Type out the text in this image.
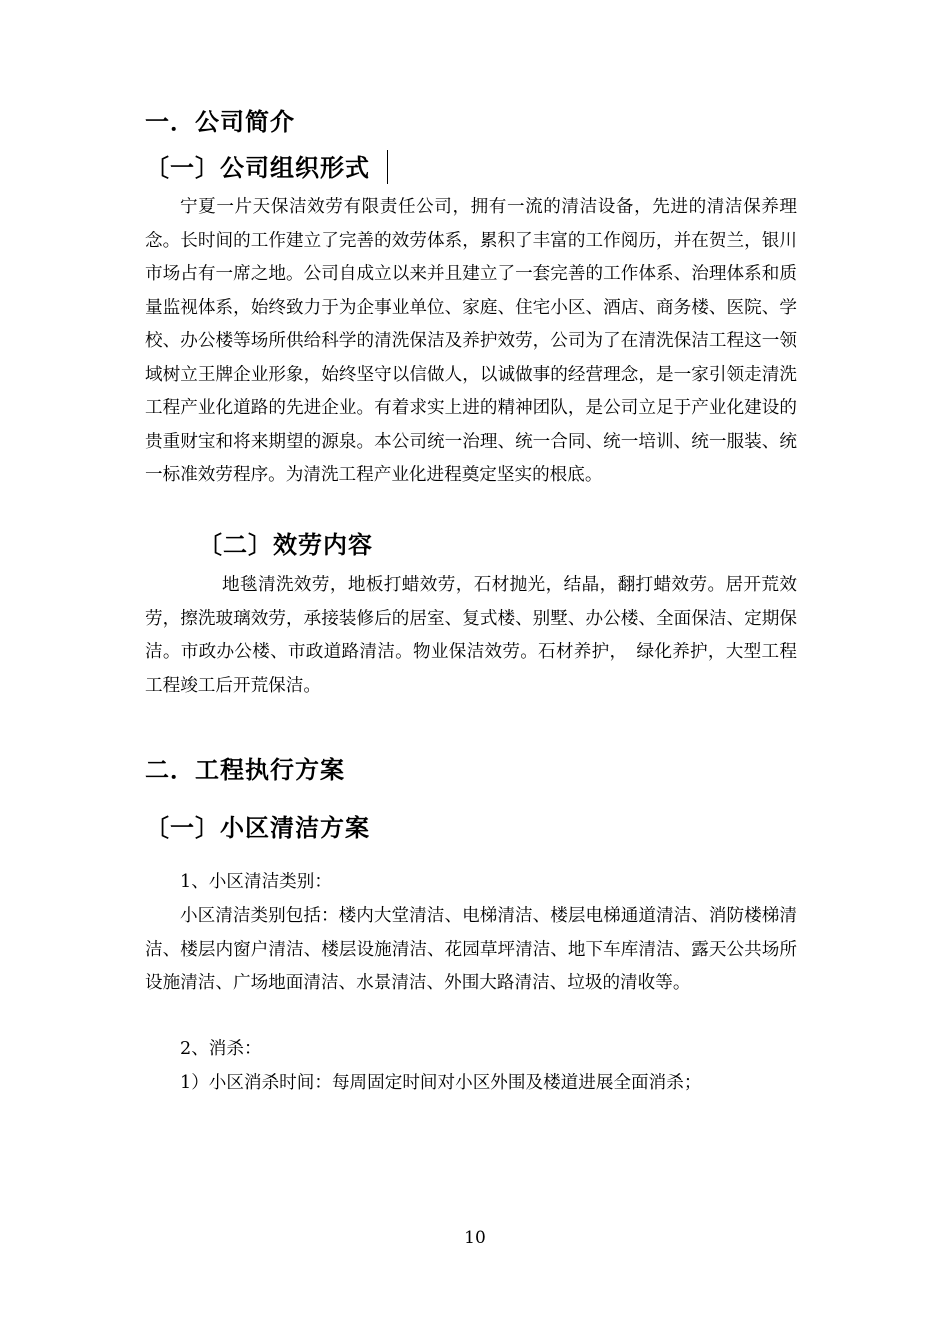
一．公司简介
〔一〕公司组织形式

宁夏一片天保洁效劳有限责任公司，拥有一流的清洁设备，先进的清洁保养理念。长时间的工作建立了完善的效劳体系，累积了丰富的工作阅历，并在贺兰，银川市场占有一席之地。公司自成立以来并且建立了一套完善的工作体系、治理体系和质量监视体系，始终致力于为企事业单位、家庭、住宅小区、酒店、商务楼、医院、学校、办公楼等场所供给科学的清洗保洁及养护效劳，公司为了在清洗保洁工程这一领域树立王牌企业形象，始终坚守以信做人，以诚做事的经营理念，是一家引领走清洗工程产业化道路的先进企业。有着求实上进的精神团队，是公司立足于产业化建设的贵重财宝和将来期望的源泉。本公司统一治理、统一合同、统一培训、统一服装、统一标准效劳程序。为清洗工程产业化进程奠定坚实的根底。

〔二〕效劳内容

地毯清洗效劳，地板打蜡效劳，石材抛光，结晶，翻打蜡效劳。居开荒效劳，擦洗玻璃效劳，承接装修后的居室、复式楼、别墅、办公楼、全面保洁、定期保洁。市政办公楼、市政道路清洁。物业保洁效劳。石材养护，　绿化养护，大型工程工程竣工后开荒保洁。

二．工程执行方案
〔一〕小区清洁方案
1、小区清洁类别：

小区清洁类别包括：楼内大堂清洁、电梯清洁、楼层电梯通道清洁、消防楼梯清洁、楼层内窗户清洁、楼层设施清洁、花园草坪清洁、地下车库清洁、露天公共场所设施清洁、广场地面清洁、水景清洁、外围大路清洁、垃圾的清收等。

2、消杀：
1）小区消杀时间：每周固定时间对小区外围及楼道进展全面消杀；
10
